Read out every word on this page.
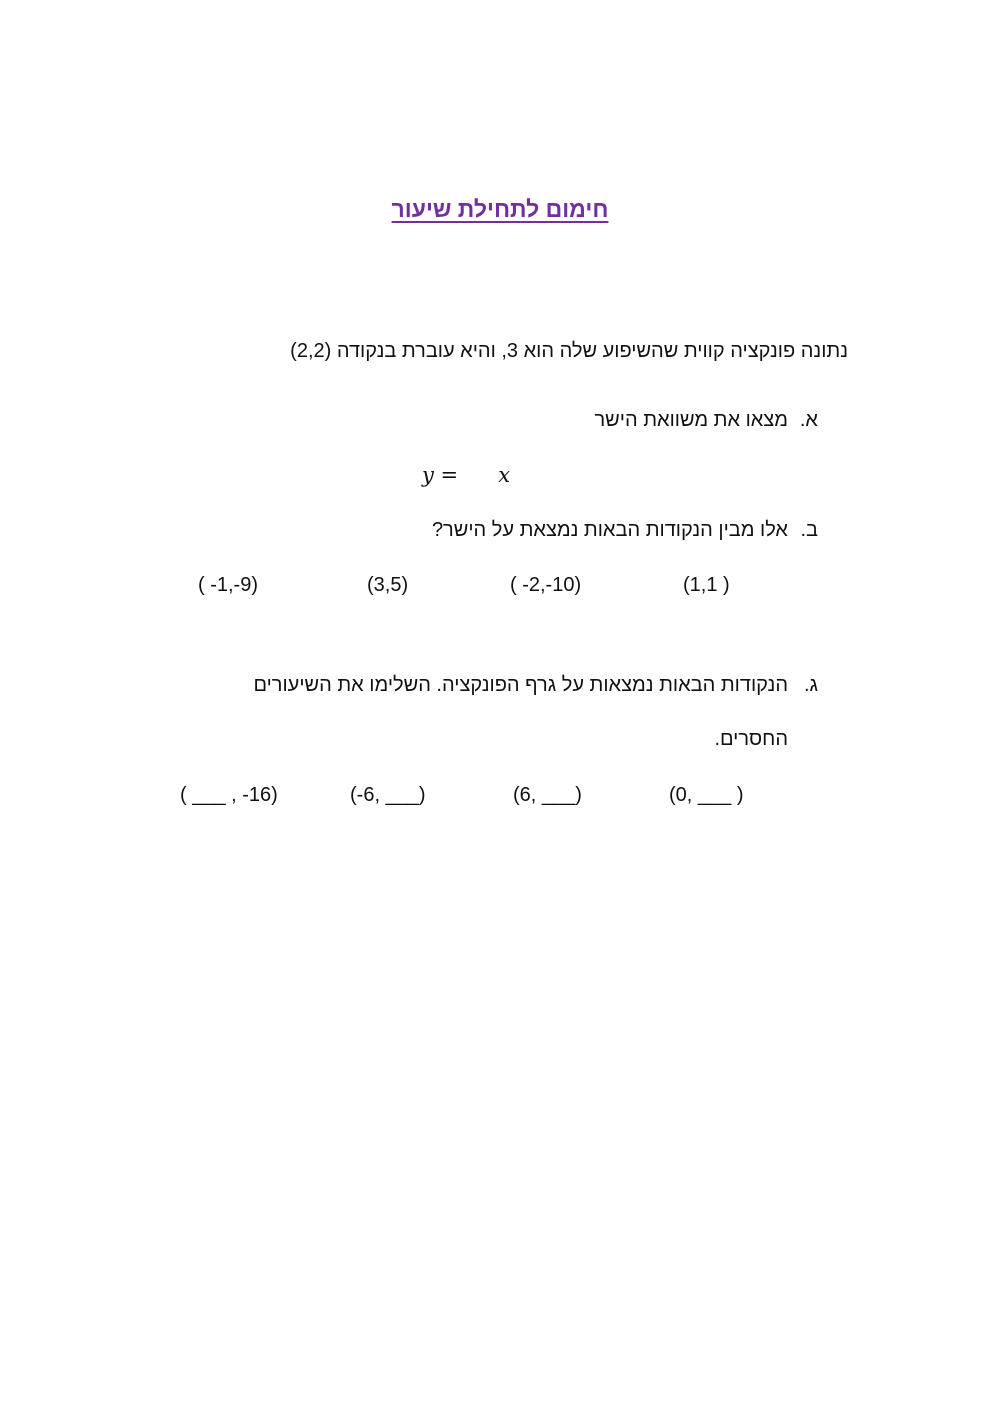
חימום לתחילת שיעור
נתונה פונקציה קווית שהשיפוע שלה הוא 3, והיא עוברת בנקודה (2,2)
א.מצאו את משוואת הישר
y = x
ב.אלו מבין הנקודות הבאות נמצאת על הישר?
( -1,-9)	(3,5)	( -2,-10)	(1,1 )
ג.הנקודות הבאות נמצאות על גרף הפונקציה. השלימו את השיעורים
החסרים.
( ___ , -16)	(-6, ___)	(6, ___)	(0, ___ )
